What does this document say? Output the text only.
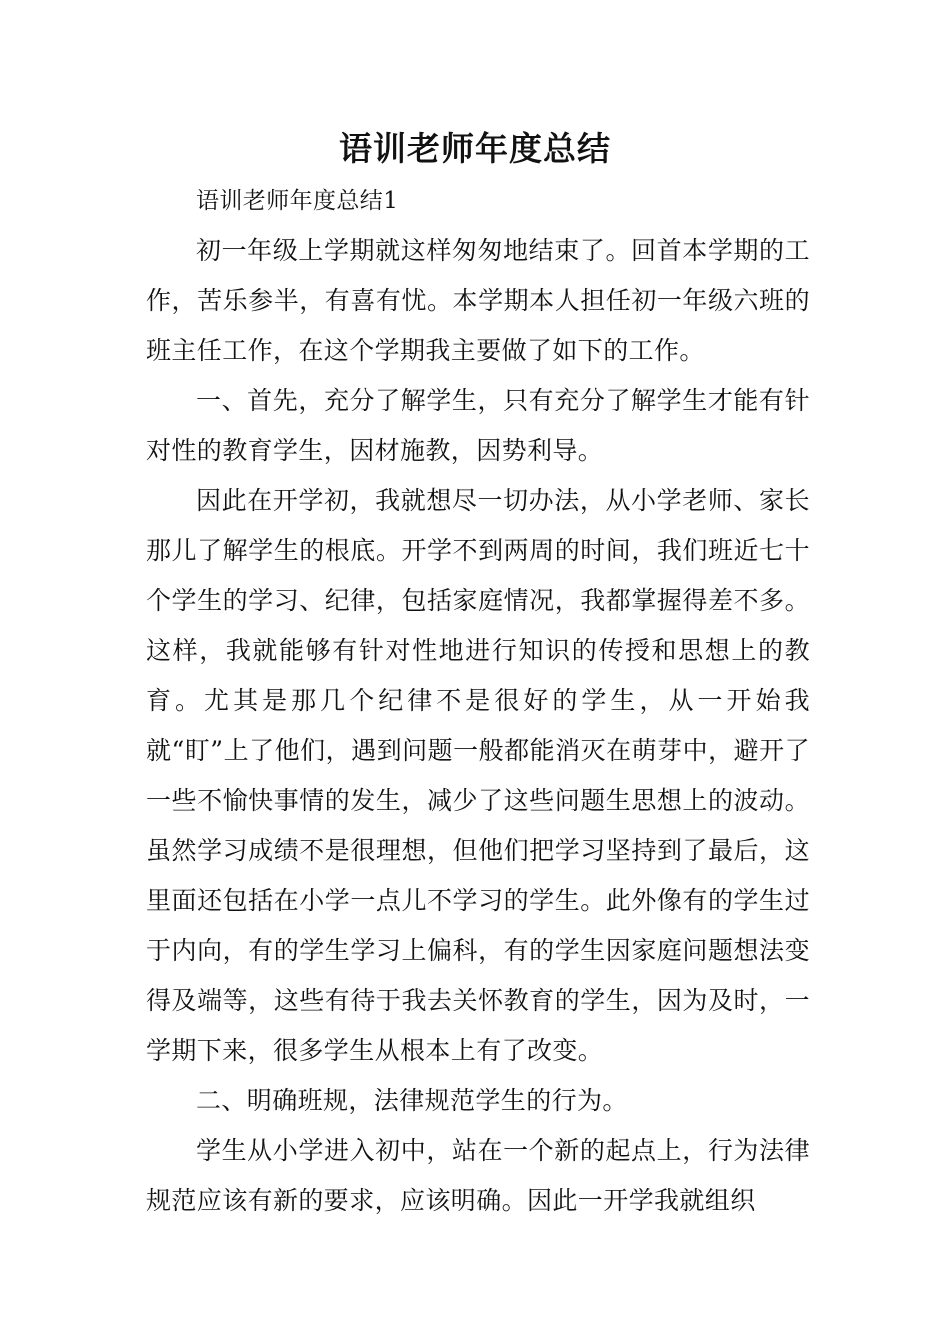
语训老师年度总结

语训老师年度总结1

初一年级上学期就这样匆匆地结束了。回首本学期的工作，苦乐参半，有喜有忧。本学期本人担任初一年级六班的班主任工作，在这个学期我主要做了如下的工作。

一、首先，充分了解学生，只有充分了解学生才能有针对性的教育学生，因材施教，因势利导。

因此在开学初，我就想尽一切办法，从小学老师、家长那儿了解学生的根底。开学不到两周的时间，我们班近七十个学生的学习、纪律，包括家庭情况，我都掌握得差不多。这样，我就能够有针对性地进行知识的传授和思想上的教育。尤其是那几个纪律不是很好的学生，从一开始我就“盯”上了他们，遇到问题一般都能消灭在萌芽中，避开了一些不愉快事情的发生，减少了这些问题生思想上的波动。虽然学习成绩不是很理想，但他们把学习坚持到了最后，这里面还包括在小学一点儿不学习的学生。此外像有的学生过于内向，有的学生学习上偏科，有的学生因家庭问题想法变得及端等，这些有待于我去关怀教育的学生，因为及时，一学期下来，很多学生从根本上有了改变。

二、明确班规，法律规范学生的行为。

学生从小学进入初中，站在一个新的起点上，行为法律规范应该有新的要求，应该明确。因此一开学我就组织
